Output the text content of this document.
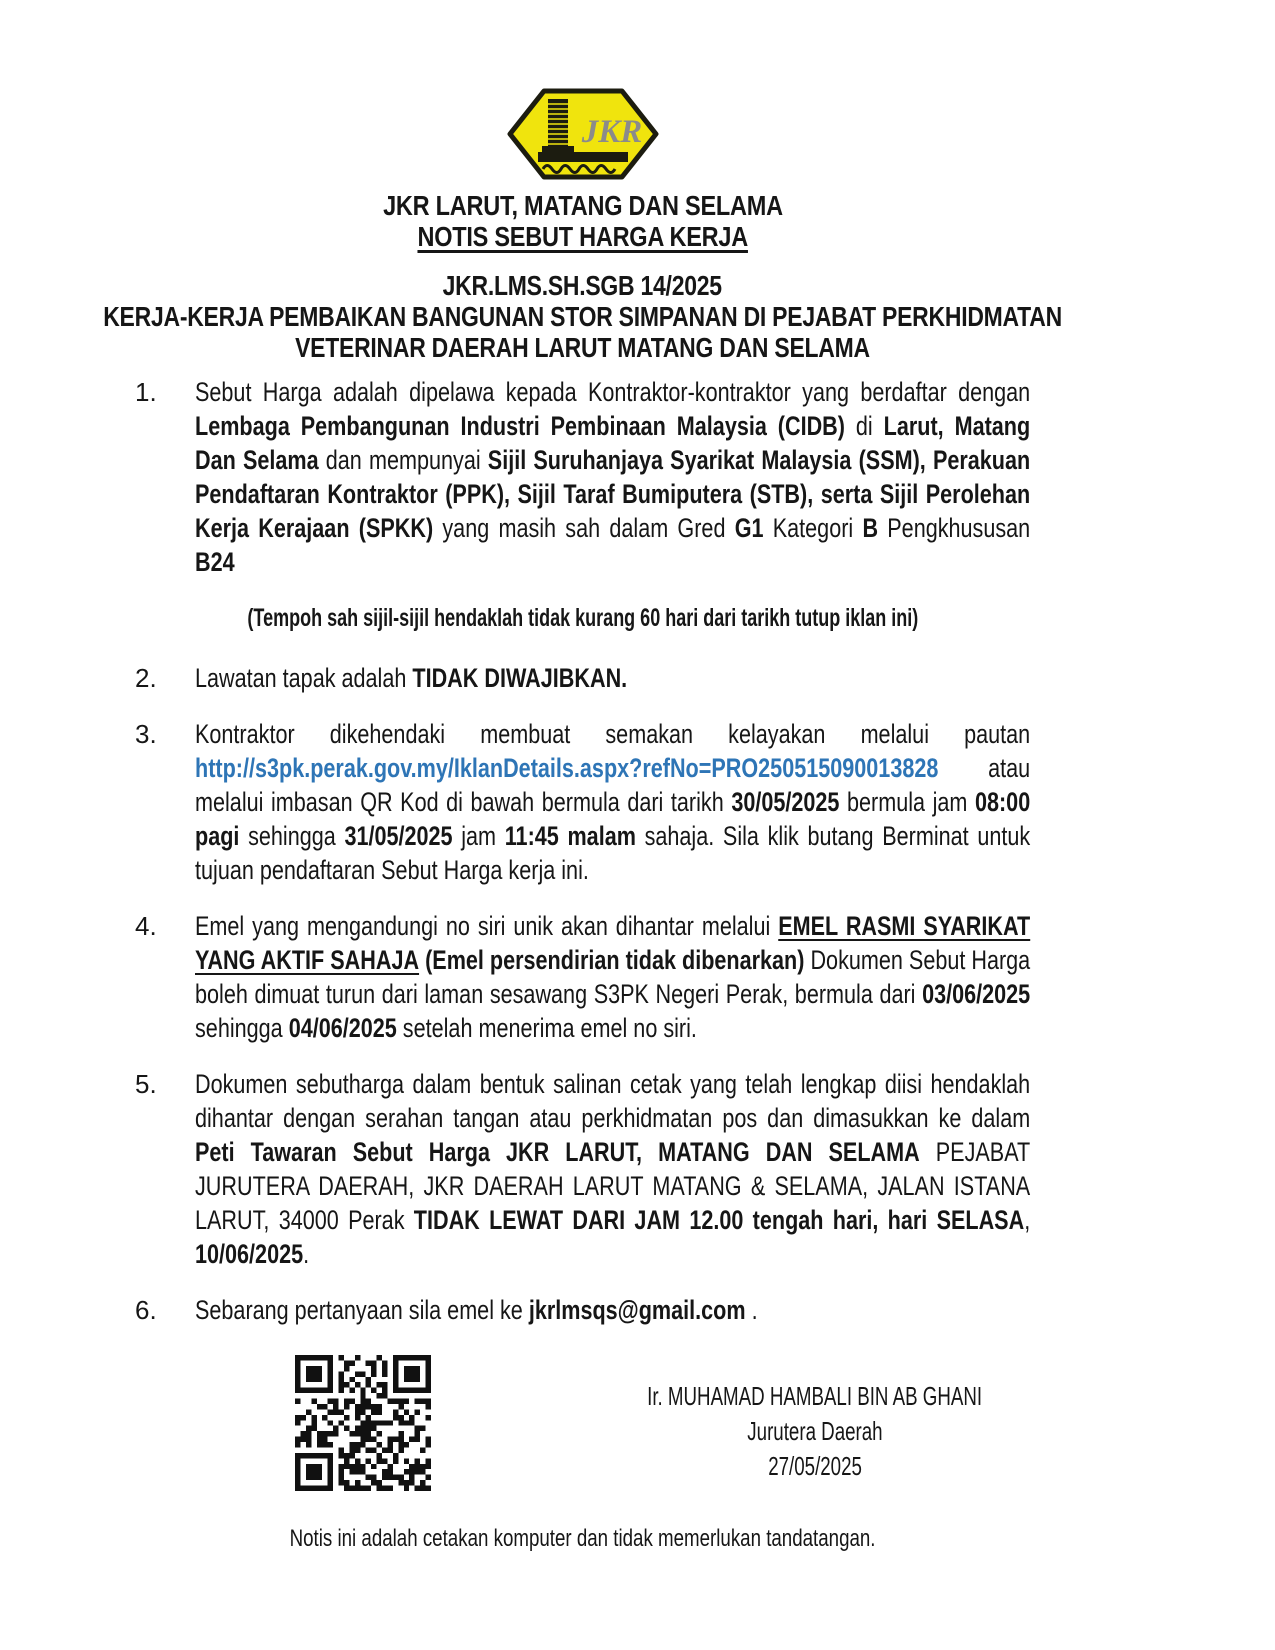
JKR
JKR LARUT, MATANG DAN SELAMA
NOTIS SEBUT HARGA KERJA
JKR.LMS.SH.SGB 14/2025
KERJA-KERJA PEMBAIKAN BANGUNAN STOR SIMPANAN DI PEJABAT PERKHIDMATAN
VETERINAR DAERAH LARUT MATANG DAN SELAMA
1.	Sebut Harga adalah dipelawa kepada Kontraktor-kontraktor yang berdaftar dengan Lembaga Pembangunan Industri Pembinaan Malaysia (CIDB) di Larut, Matang Dan Selama dan mempunyai Sijil Suruhanjaya Syarikat Malaysia (SSM), Perakuan Pendaftaran Kontraktor (PPK), Sijil Taraf Bumiputera (STB), serta Sijil Perolehan Kerja Kerajaan (SPKK) yang masih sah dalam Gred G1 Kategori B Pengkhususan B24
(Tempoh sah sijil-sijil hendaklah tidak kurang 60 hari dari tarikh tutup iklan ini)
2.	Lawatan tapak adalah TIDAK DIWAJIBKAN.
3.	Kontraktor dikehendaki membuat semakan kelayakan melalui pautan http://s3pk.perak.gov.my/IklanDetails.aspx?refNo=PRO250515090013828 atau melalui imbasan QR Kod di bawah bermula dari tarikh 30/05/2025 bermula jam 08:00 pagi sehingga 31/05/2025 jam 11:45 malam sahaja. Sila klik butang Berminat untuk tujuan pendaftaran Sebut Harga kerja ini.
4.	Emel yang mengandungi no siri unik akan dihantar melalui EMEL RASMI SYARIKAT YANG AKTIF SAHAJA (Emel persendirian tidak dibenarkan) Dokumen Sebut Harga boleh dimuat turun dari laman sesawang S3PK Negeri Perak, bermula dari 03/06/2025 sehingga 04/06/2025 setelah menerima emel no siri.
5.	Dokumen sebutharga dalam bentuk salinan cetak yang telah lengkap diisi hendaklah dihantar dengan serahan tangan atau perkhidmatan pos dan dimasukkan ke dalam Peti Tawaran Sebut Harga JKR LARUT, MATANG DAN SELAMA PEJABAT JURUTERA DAERAH, JKR DAERAH LARUT MATANG & SELAMA, JALAN ISTANA LARUT, 34000 Perak TIDAK LEWAT DARI JAM 12.00 tengah hari, hari SELASA, 10/06/2025.
6.	Sebarang pertanyaan sila emel ke jkrlmsqs@gmail.com .
Ir. MUHAMAD HAMBALI BIN AB GHANI
Jurutera Daerah
27/05/2025
Notis ini adalah cetakan komputer dan tidak memerlukan tandatangan.
